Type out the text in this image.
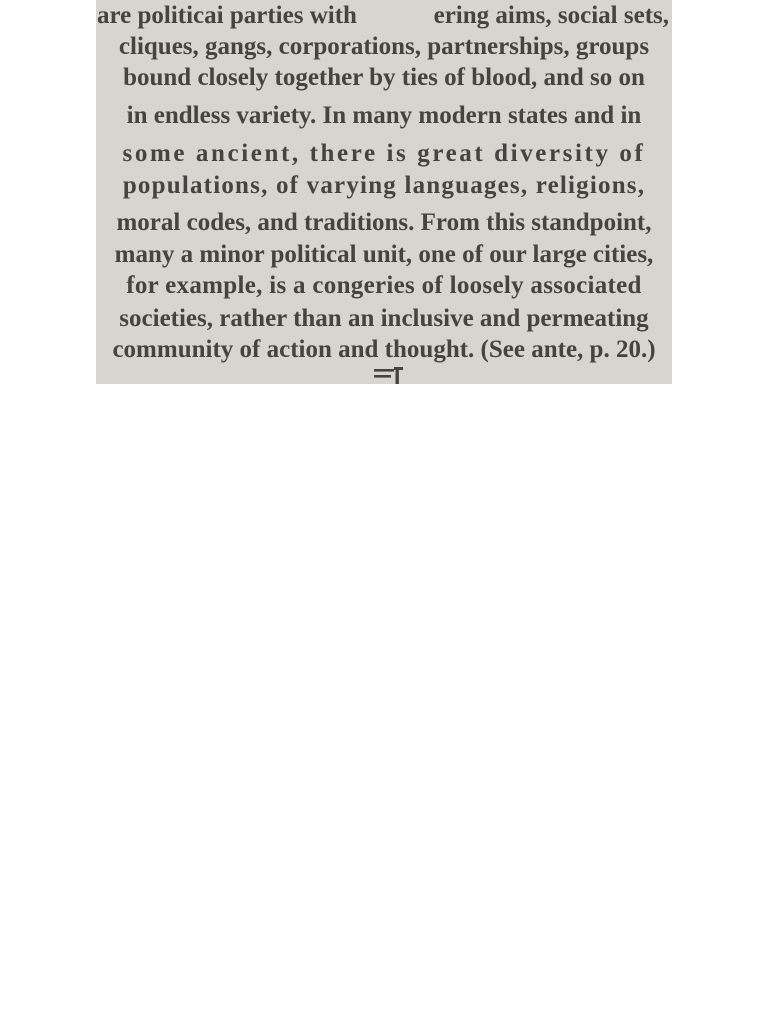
are politicai parties with	ering aims, social sets,
cliques, gangs, corporations, partnerships, groups
bound closely together by ties of blood, and so on
in endless variety. In many modern states and in
some ancient, there is great diversity of
populations, of varying languages, religions,
moral codes, and traditions. From this standpoint,
many a minor political unit, one of our large cities,
for example, is a congeries of loosely associated
societies, rather than an inclusive and permeating
community of action and thought. (See ante, p. 20.)
